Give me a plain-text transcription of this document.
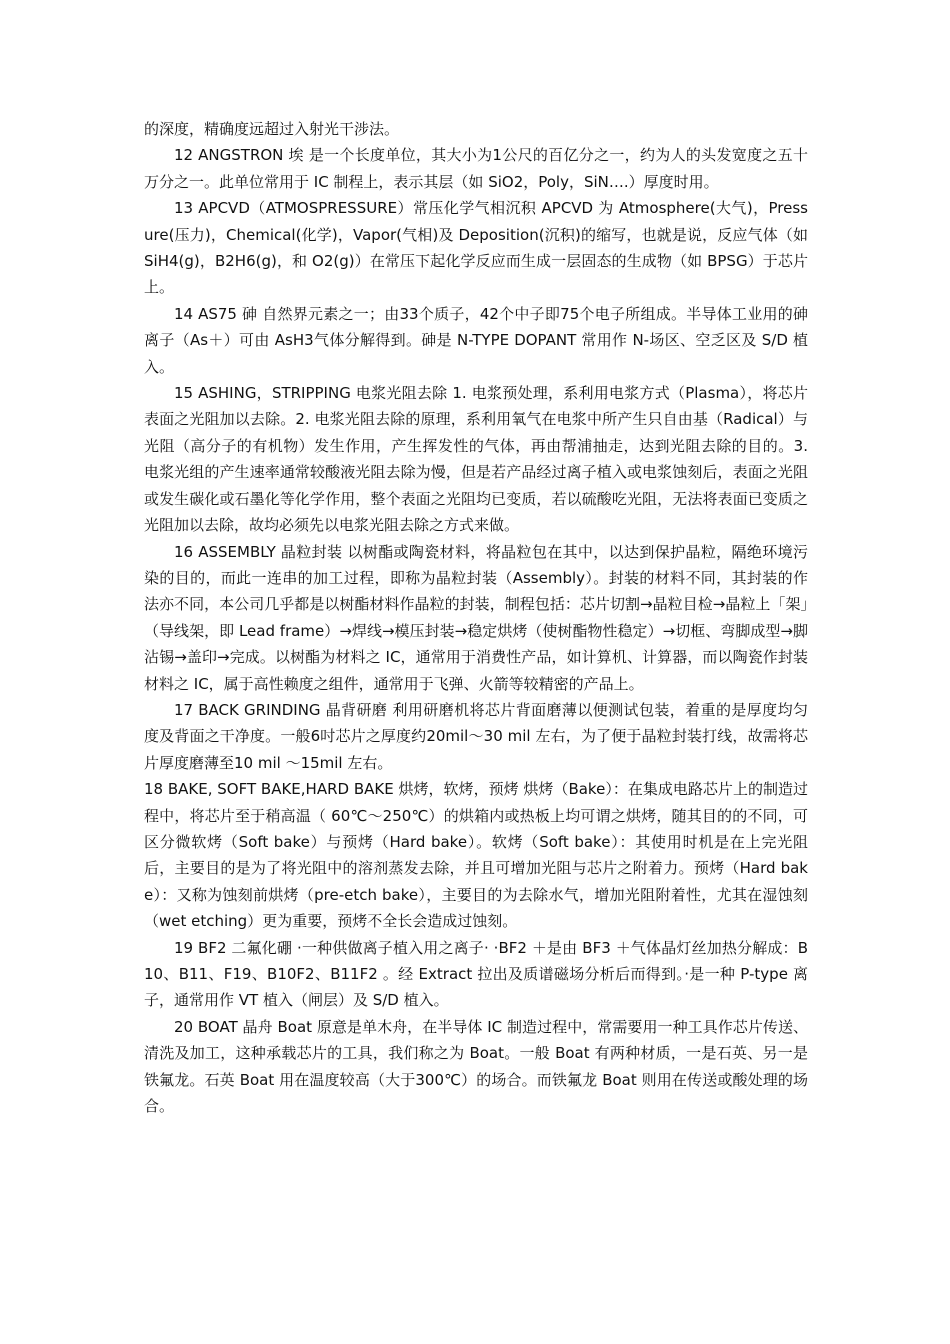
的深度，精确度远超过入射光干涉法。

12 ANGSTRON 埃 是一个长度单位，其大小为1公尺的百亿分之一，约为人的头发宽度之五十万分之一。此单位常用于 IC 制程上，表示其层（如 SiO2，Poly，SiN….）厚度时用。

13 APCVD（ATMOSPRESSURE）常压化学气相沉积 APCVD 为 Atmosphere(大气)，Pressure(压力)，Chemical(化学)，Vapor(气相)及 Deposition(沉积)的缩写，也就是说，反应气体（如 SiH4(g)，B2H6(g)，和 O2(g)）在常压下起化学反应而生成一层固态的生成物（如 BPSG）于芯片上。

14 AS75 砷 自然界元素之一；由33个质子，42个中子即75个电子所组成。半导体工业用的砷离子（As＋）可由 AsH3气体分解得到。砷是 N-TYPE DOPANT 常用作 N-场区、空乏区及 S/D 植入。

15 ASHING，STRIPPING 电浆光阻去除 1. 电浆预处理，系利用电浆方式（Plasma），将芯片表面之光阻加以去除。2. 电浆光阻去除的原理，系利用氧气在电浆中所产生只自由基（Radical）与光阻（高分子的有机物）发生作用，产生挥发性的气体，再由帮浦抽走，达到光阻去除的目的。3. 电浆光组的产生速率通常较酸液光阻去除为慢，但是若产品经过离子植入或电浆蚀刻后，表面之光阻或发生碳化或石墨化等化学作用，整个表面之光阻均已变质，若以硫酸吃光阻，无法将表面已变质之光阻加以去除，故均必须先以电浆光阻去除之方式来做。

16 ASSEMBLY 晶粒封装 以树酯或陶瓷材料，将晶粒包在其中，以达到保护晶粒，隔绝环境污染的目的，而此一连串的加工过程，即称为晶粒封装（Assembly）。封装的材料不同，其封装的作法亦不同，本公司几乎都是以树酯材料作晶粒的封装，制程包括：芯片切割→晶粒目检→晶粒上「架」（导线架，即 Lead frame）→焊线→模压封装→稳定烘烤（使树酯物性稳定）→切框、弯脚成型→脚沾锡→盖印→完成。以树酯为材料之 IC，通常用于消费性产品，如计算机、计算器，而以陶瓷作封装材料之 IC，属于高性赖度之组件，通常用于飞弹、火箭等较精密的产品上。

17 BACK GRINDING 晶背研磨 利用研磨机将芯片背面磨薄以便测试包装，着重的是厚度均匀度及背面之干净度。一般6吋芯片之厚度约20mil～30 mil 左右，为了便于晶粒封装打线，故需将芯片厚度磨薄至10 mil ～15mil 左右。

18 BAKE, SOFT BAKE,HARD BAKE 烘烤，软烤，预烤 烘烤（Bake）：在集成电路芯片上的制造过程中，将芯片至于稍高温（ 60℃～250℃）的烘箱内或热板上均可谓之烘烤，随其目的的不同，可区分微软烤（Soft bake）与预烤（Hard bake）。软烤（Soft bake）：其使用时机是在上完光阻后，主要目的是为了将光阻中的溶剂蒸发去除，并且可增加光阻与芯片之附着力。预烤（Hard bake）：又称为蚀刻前烘烤（pre-etch bake），主要目的为去除水气，增加光阻附着性，尤其在湿蚀刻（wet etching）更为重要，预烤不全长会造成过蚀刻。

19 BF2 二氟化硼 ·一种供做离子植入用之离子· ·BF2 ＋是由 BF3 ＋气体晶灯丝加热分解成：B10、B11、F19、B10F2、B11F2 。经 Extract 拉出及质谱磁场分析后而得到。·是一种 P-type 离子，通常用作 VT 植入（闸层）及 S/D 植入。

20 BOAT 晶舟 Boat 原意是单木舟，在半导体 IC 制造过程中，常需要用一种工具作芯片传送、清洗及加工，这种承载芯片的工具，我们称之为 Boat。一般 Boat 有两种材质，一是石英、另一是铁氟龙。石英 Boat 用在温度较高（大于300℃）的场合。而铁氟龙 Boat 则用在传送或酸处理的场合。
